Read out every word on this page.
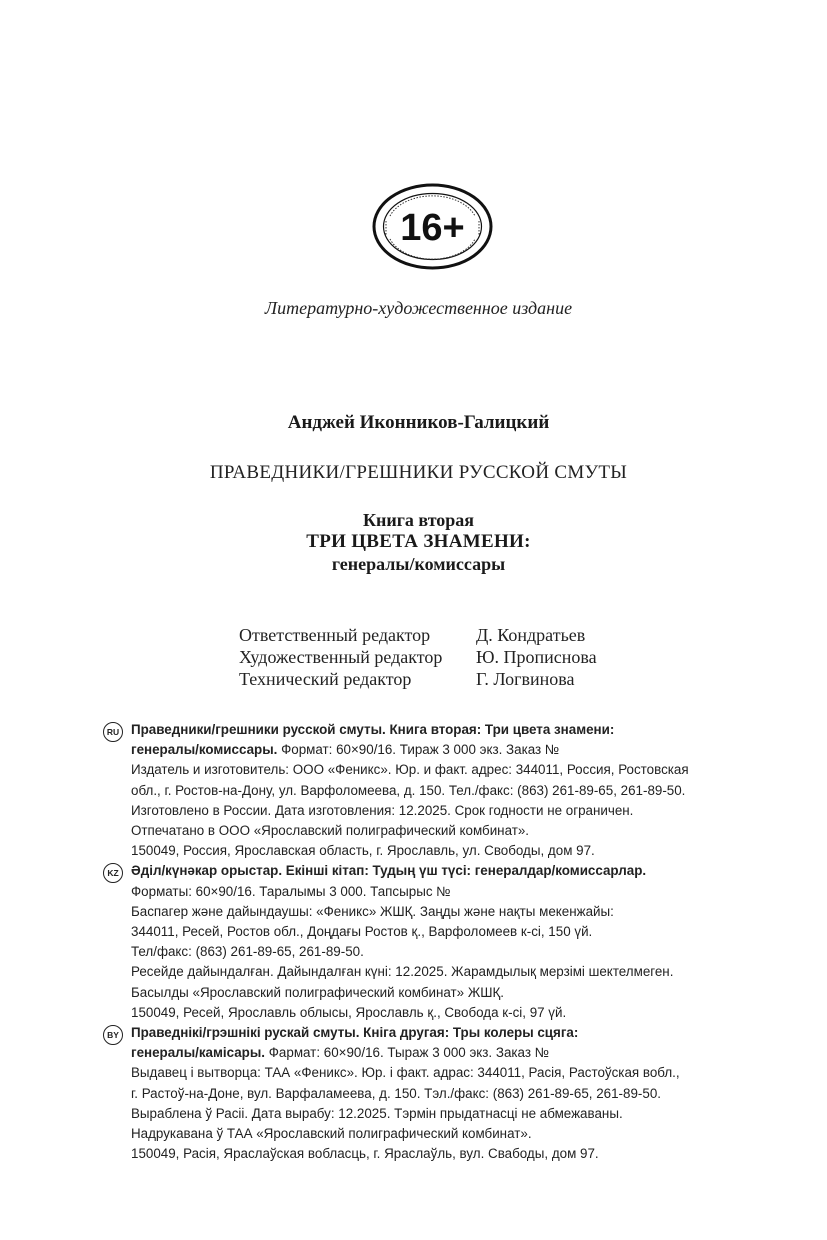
16+
Литературно-художественное издание
Анджей Иконников-Галицкий
ПРАВЕДНИКИ/ГРЕШНИКИ РУССКОЙ СМУТЫ
Книга вторая
ТРИ ЦВЕТА ЗНАМЕНИ:
генералы/комиссары
Ответственный редактор	Д. Кондратьев
Художественный редактор	Ю. Прописнова
Технический редактор	Г. Логвинова
RU Праведники/грешники русской смуты. Книга вторая: Три цвета знамени:
генералы/комиссары. Формат: 60×90/16. Тираж 3 000 экз. Заказ №
Издатель и изготовитель: ООО «Феникс». Юр. и факт. адрес: 344011, Россия, Ростовская
обл., г. Ростов-на-Дону, ул. Варфоломеева, д. 150. Тел./факс: (863) 261-89-65, 261-89-50.
Изготовлено в России. Дата изготовления: 12.2025. Срок годности не ограничен.
Отпечатано в ООО «Ярославский полиграфический комбинат».
150049, Россия, Ярославская область, г. Ярославль, ул. Свободы, дом 97.
KZ Әділ/күнәкар орыстар. Екінші кітап: Тудың үш түсі: генералдар/комиссарлар.
Форматы: 60×90/16. Таралымы 3 000. Тапсырыс №
Баспагер және дайындаушы: «Феникс» ЖШҚ. Заңды және нақты мекенжайы:
344011, Ресей, Ростов обл., Доңдағы Ростов қ., Варфоломеев к-сі, 150 үй.
Тел/факс: (863) 261-89-65, 261-89-50.
Ресейде дайындалған. Дайындалған күні: 12.2025. Жарамдылық мерзімі шектелмеген.
Басылды «Ярославский полиграфический комбинат» ЖШҚ.
150049, Ресей, Ярославль облысы, Ярославль қ., Свобода к-сі, 97 үй.
BY Праведнікі/грэшнікі рускай смуты. Кніга другая: Тры колеры сцяга:
генералы/камісары. Фармат: 60×90/16. Тыраж 3 000 экз. Заказ №
Выдавец і вытворца: ТАА «Феникс». Юр. і факт. адрас: 344011, Расія, Растоўская вобл.,
г. Растоў-на-Доне, вул. Варфаламеева, д. 150. Тэл./факс: (863) 261-89-65, 261-89-50.
Выраблена ў Расіі. Дата вырабу: 12.2025. Тэрмін прыдатнасці не абмежаваны.
Надрукавана ў ТАА «Ярославский полиграфический комбинат».
150049, Расія, Яраслаўская вобласць, г. Яраслаўль, вул. Свабоды, дом 97.
